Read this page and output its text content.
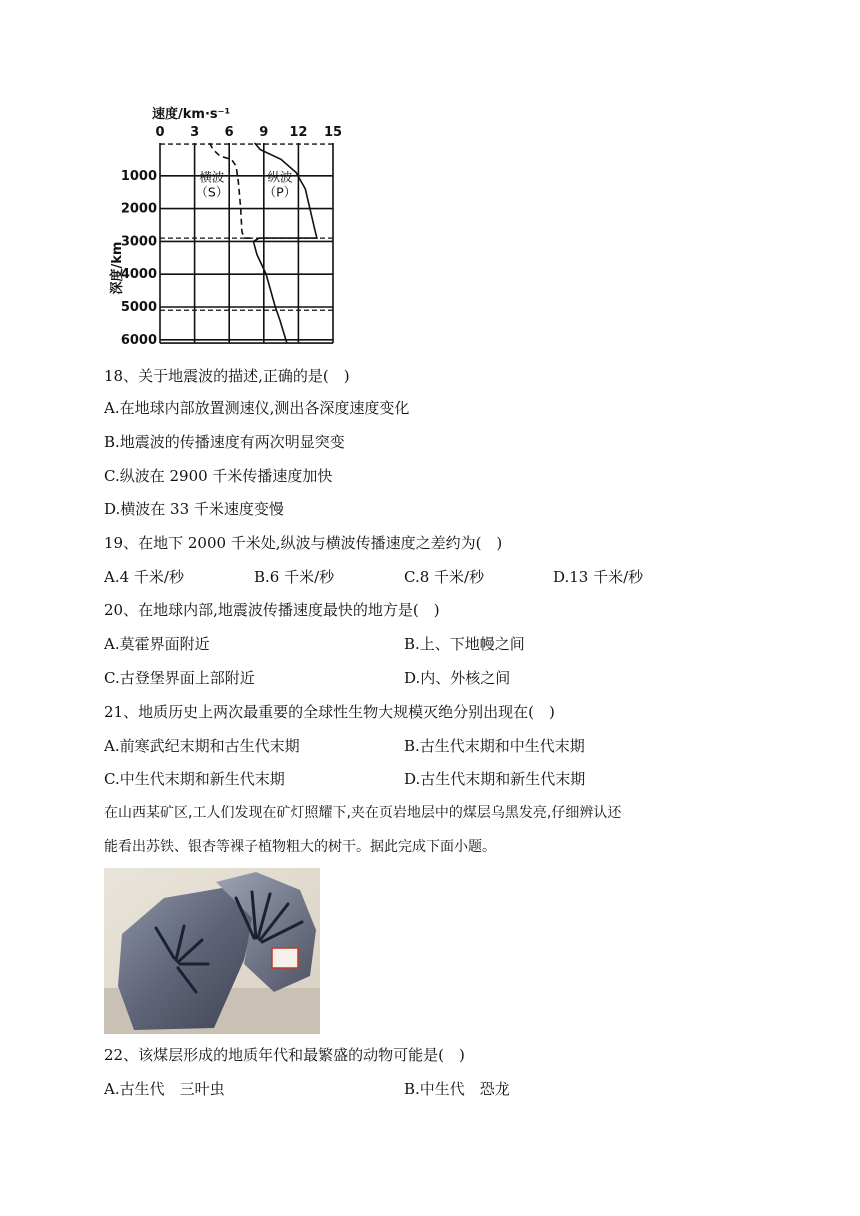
速度/km·s⁻¹
0 3 6 9 12 15
1000
2000
3000
4000
5000
6000
深度/km
横波
（S）
纵波
（P）
18、关于地震波的描述,正确的是(　)
A.在地球内部放置测速仪,测出各深度速度变化
B.地震波的传播速度有两次明显突变
C.纵波在 2900 千米传播速度加快
D.横波在 33 千米速度变慢
19、在地下 2000 千米处,纵波与横波传播速度之差约为(　)
A.4 千米/秒	B.6 千米/秒	C.8 千米/秒	D.13 千米/秒
20、在地球内部,地震波传播速度最快的地方是(　)
A.莫霍界面附近	B.上、下地幔之间
C.古登堡界面上部附近	D.内、外核之间
21、地质历史上两次最重要的全球性生物大规模灭绝分别出现在(　)
A.前寒武纪末期和古生代末期	B.古生代末期和中生代末期
C.中生代末期和新生代末期	D.古生代末期和新生代末期
在山西某矿区,工人们发现在矿灯照耀下,夹在页岩地层中的煤层乌黑发亮,仔细辨认还
能看出苏铁、银杏等裸子植物粗大的树干。据此完成下面小题。
22、该煤层形成的地质年代和最繁盛的动物可能是(　)
A.古生代　三叶虫	B.中生代　恐龙
